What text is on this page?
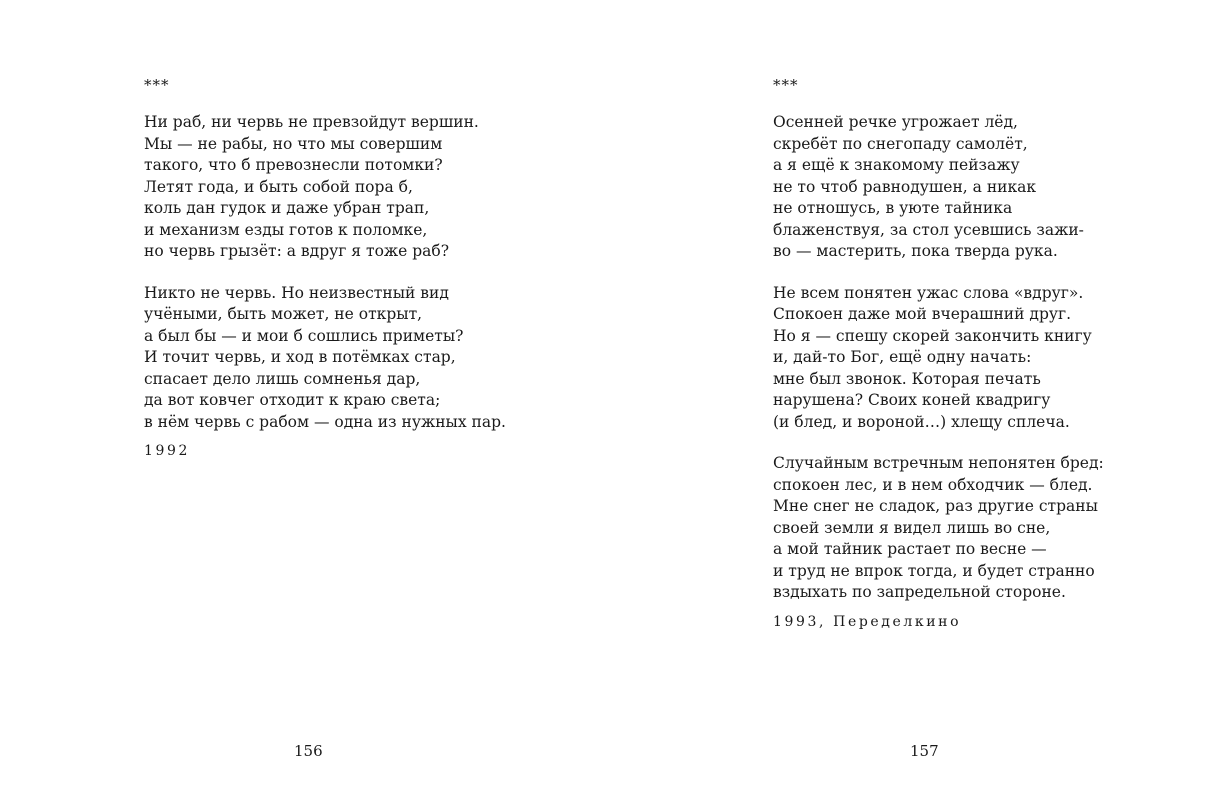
***
Ни раб, ни червь не превзойдут вершин.
Мы — не рабы, но что мы совершим
такого, что б превознесли потомки?
Летят года, и быть собой пора б,
коль дан гудок и даже убран трап,
и механизм езды готов к поломке,
но червь грызёт: а вдруг я тоже раб?
Никто не червь. Но неизвестный вид
учёными, быть может, не открыт,
а был бы — и мои б сошлись приметы?
И точит червь, и ход в потёмках стар,
спасает дело лишь сомненья дар,
да вот ковчег отходит к краю света;
в нём червь с рабом — одна из нужных пар.
1992
156
***
Осенней речке угрожает лёд,
скребёт по снегопаду самолёт,
а я ещё к знакомому пейзажу
не то чтоб равнодушен, а никак
не отношусь, в уюте тайника
блаженствуя, за стол усевшись зажи-
во — мастерить, пока тверда рука.
Не всем понятен ужас слова «вдруг».
Спокоен даже мой вчерашний друг.
Но я — спешу скорей закончить книгу
и, дай-то Бог, ещё одну начать:
мне был звонок. Которая печать
нарушена? Своих коней квадригу
(и блед, и вороной…) хлещу сплеча.
Случайным встречным непонятен бред:
спокоен лес, и в нем обходчик — блед.
Мне снег не сладок, раз другие страны
своей земли я видел лишь во сне,
а мой тайник растает по весне —
и труд не впрок тогда, и будет странно
вздыхать по запредельной стороне.
1993, Переделкино
157
